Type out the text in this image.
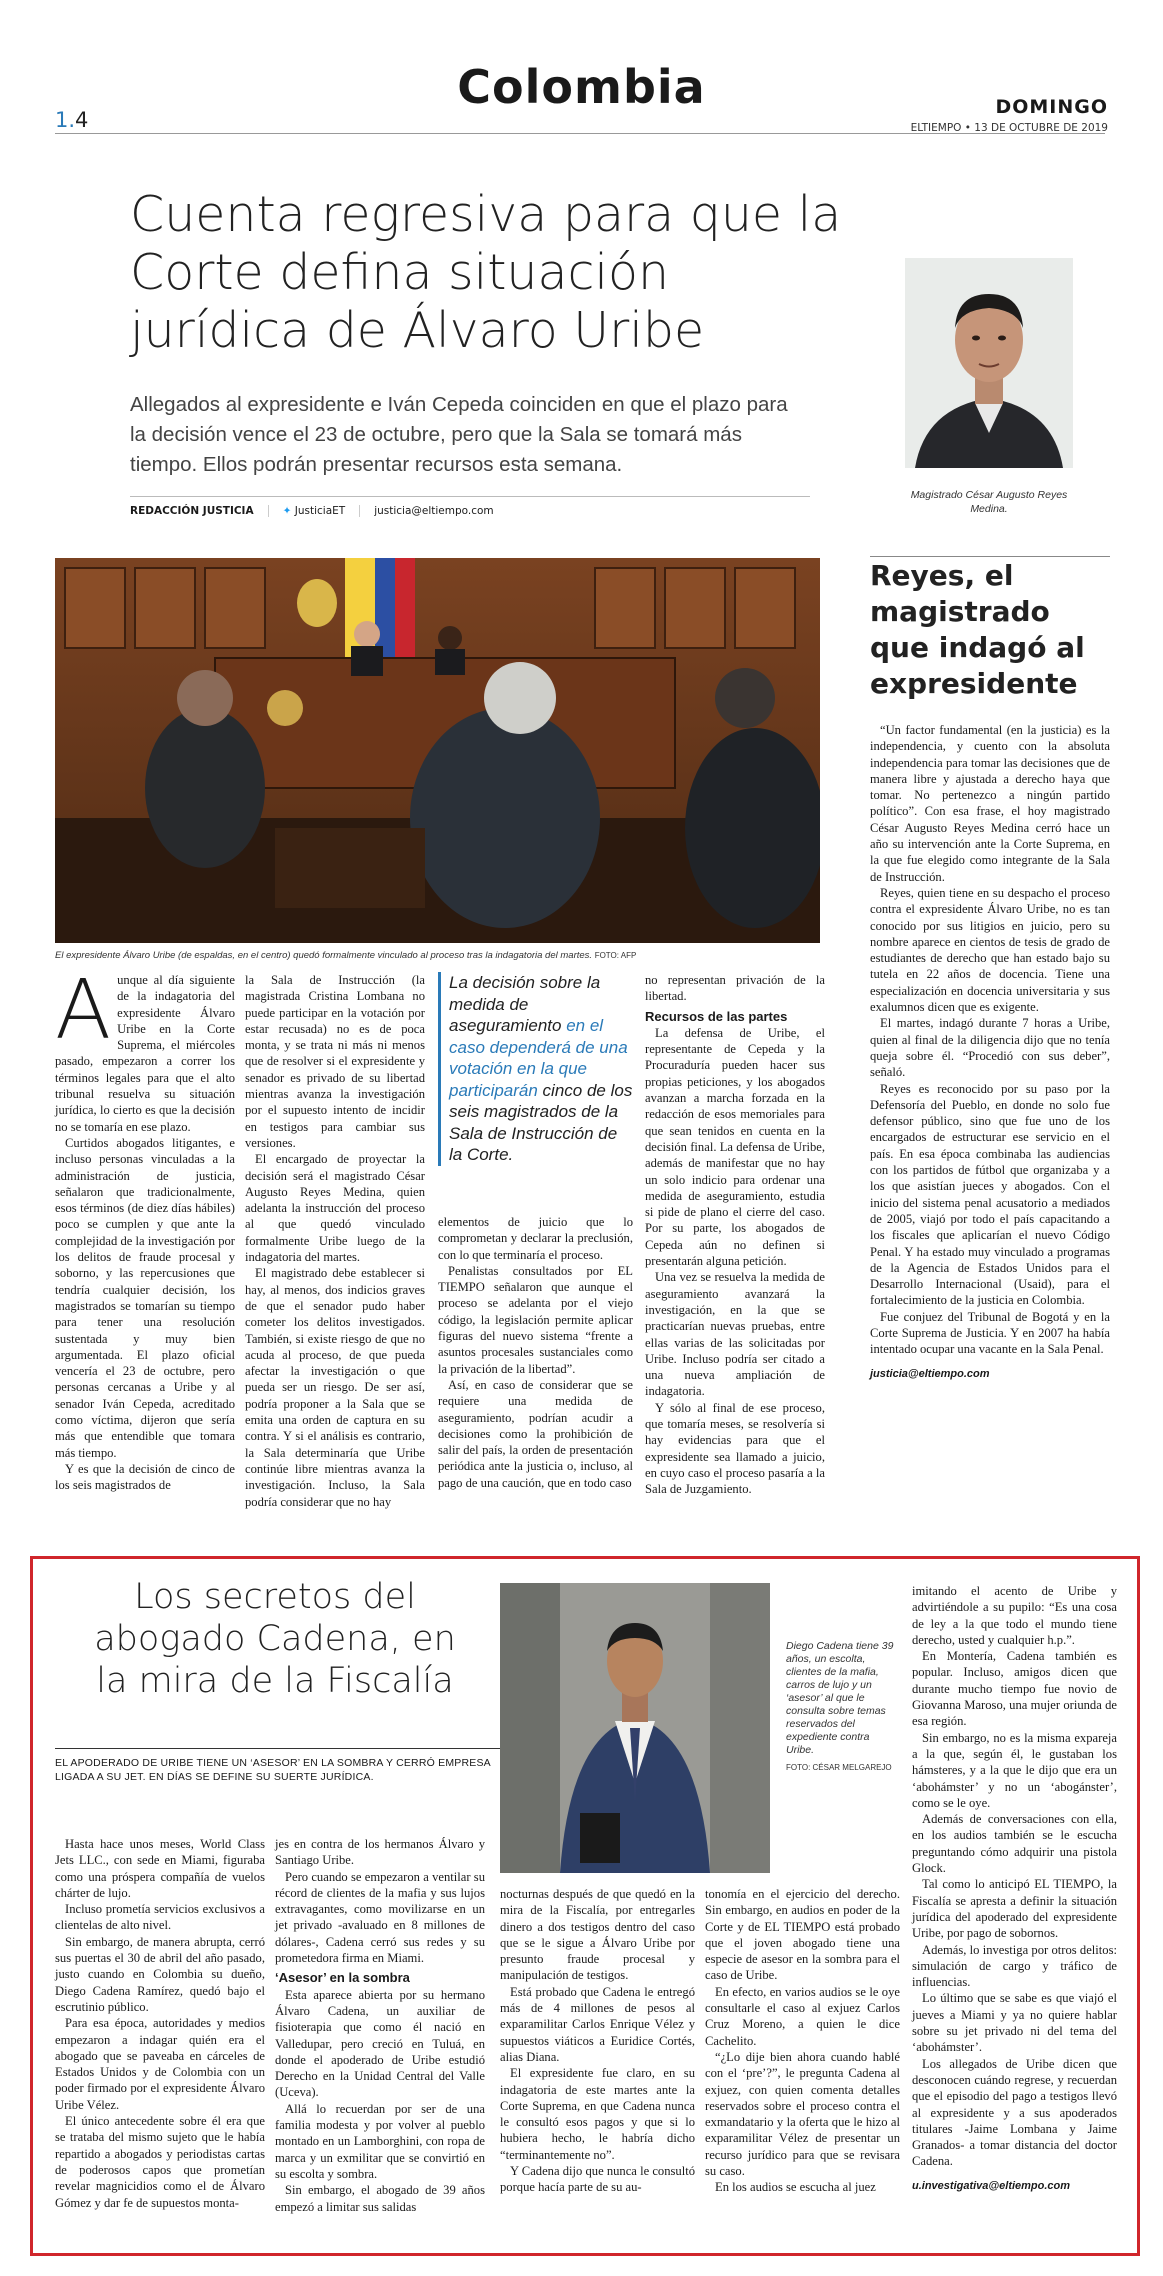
Colombia
1.4
DOMINGO
ELTIEMPO • 13 DE OCTUBRE DE 2019
Cuenta regresiva para que la Corte defina situación jurídica de Álvaro Uribe
Allegados al expresidente e Iván Cepeda coinciden en que el plazo para la decisión vence el 23 de octubre, pero que la Sala se tomará más tiempo. Ellos podrán presentar recursos esta semana.
REDACCIÓN JUSTICIA	✦ JusticiaET	justicia@eltiempo.com
Magistrado César Augusto Reyes Medina.
El expresidente Álvaro Uribe (de espaldas, en el centro) quedó formalmente vinculado al proceso tras la indagatoria del martes. FOTO: AFP
A unque al día siguiente de la indagatoria del expresidente Álvaro Uribe en la Corte Suprema, el miércoles pasado, empezaron a correr los términos legales para que el alto tribunal resuelva su situación jurídica, lo cierto es que la decisión no se tomaría en ese plazo.

Curtidos abogados litigantes, e incluso personas vinculadas a la administración de justicia, señalaron que tradicionalmente, esos términos (de diez días hábiles) poco se cumplen y que ante la complejidad de la investigación por los delitos de fraude procesal y soborno, y las repercusiones que tendría cualquier decisión, los magistrados se tomarían su tiempo para tener una resolución sustentada y muy bien argumentada. El plazo oficial vencería el 23 de octubre, pero personas cercanas a Uribe y al senador Iván Cepeda, acreditado como víctima, dijeron que sería más que entendible que tomara más tiempo.

Y es que la decisión de cinco de los seis magistrados de

la Sala de Instrucción (la magistrada Cristina Lombana no puede participar en la votación por estar recusada) no es de poca monta, y se trata ni más ni menos que de resolver si el expresidente y senador es privado de su libertad mientras avanza la investigación por el supuesto intento de incidir en testigos para cambiar sus versiones.

El encargado de proyectar la decisión será el magistrado César Augusto Reyes Medina, quien adelanta la instrucción del proceso al que quedó vinculado formalmente Uribe luego de la indagatoria del martes.

El magistrado debe establecer si hay, al menos, dos indicios graves de que el senador pudo haber cometer los delitos investigados. También, si existe riesgo de que no acuda al proceso, de que pueda afectar la investigación o que pueda ser un riesgo. De ser así, podría proponer a la Sala que se emita una orden de captura en su contra. Y si el análisis es contrario, la Sala determinaría que Uribe continúe libre mientras avanza la investigación. Incluso, la Sala podría considerar que no hay

La decisión sobre la medida de aseguramiento en el caso dependerá de una votación en la que participarán cinco de los seis magistrados de la Sala de Instrucción de la Corte.

elementos de juicio que lo comprometan y declarar la preclusión, con lo que terminaría el proceso.

Penalistas consultados por EL TIEMPO señalaron que aunque el proceso se adelanta por el viejo código, la legislación permite aplicar figuras del nuevo sistema “frente a asuntos procesales sustanciales como la privación de la libertad”.

Así, en caso de considerar que se requiere una medida de aseguramiento, podrían acudir a decisiones como la prohibición de salir del país, la orden de presentación periódica ante la justicia o, incluso, al pago de una caución, que en todo caso

no representan privación de la libertad.

Recursos de las partes

La defensa de Uribe, el representante de Cepeda y la Procuraduría pueden hacer sus propias peticiones, y los abogados avanzan a marcha forzada en la redacción de esos memoriales para que sean tenidos en cuenta en la decisión final. La defensa de Uribe, además de manifestar que no hay un solo indicio para ordenar una medida de aseguramiento, estudia si pide de plano el cierre del caso. Por su parte, los abogados de Cepeda aún no definen si presentarán alguna petición.

Una vez se resuelva la medida de aseguramiento avanzará la investigación, en la que se practicarían nuevas pruebas, entre ellas varias de las solicitadas por Uribe. Incluso podría ser citado a una nueva ampliación de indagatoria.

Y sólo al final de ese proceso, que tomaría meses, se resolvería si hay evidencias para que el expresidente sea llamado a juicio, en cuyo caso el proceso pasaría a la Sala de Juzgamiento.

Reyes, el magistrado que indagó al expresidente

“Un factor fundamental (en la justicia) es la independencia, y cuento con la absoluta independencia para tomar las decisiones que de manera libre y ajustada a derecho haya que tomar. No pertenezco a ningún partido político”. Con esa frase, el hoy magistrado César Augusto Reyes Medina cerró hace un año su intervención ante la Corte Suprema, en la que fue elegido como integrante de la Sala de Instrucción.

Reyes, quien tiene en su despacho el proceso contra el expresidente Álvaro Uribe, no es tan conocido por sus litigios en juicio, pero su nombre aparece en cientos de tesis de grado de estudiantes de derecho que han estado bajo su tutela en 22 años de docencia. Tiene una especialización en docencia universitaria y sus exalumnos dicen que es exigente.

El martes, indagó durante 7 horas a Uribe, quien al final de la diligencia dijo que no tenía queja sobre él. “Procedió con sus deber”, señaló.

Reyes es reconocido por su paso por la Defensoría del Pueblo, en donde no solo fue defensor público, sino que fue uno de los encargados de estructurar ese servicio en el país. En esa época combinaba las audiencias con los partidos de fútbol que organizaba y a los que asistían jueces y abogados. Con el inicio del sistema penal acusatorio a mediados de 2005, viajó por todo el país capacitando a los fiscales que aplicarían el nuevo Código Penal. Y ha estado muy vinculado a programas de la Agencia de Estados Unidos para el Desarrollo Internacional (Usaid), para el fortalecimiento de la justicia en Colombia.

Fue conjuez del Tribunal de Bogotá y en la Corte Suprema de Justicia. Y en 2007 ha había intentado ocupar una vacante en la Sala Penal.

justicia@eltiempo.com
Los secretos del abogado Cadena, en la mira de la Fiscalía
EL APODERADO DE URIBE TIENE UN ‘ASESOR’ EN LA SOMBRA Y CERRÓ EMPRESA LIGADA A SU JET. EN DÍAS SE DEFINE SU SUERTE JURÍDICA.
Diego Cadena tiene 39 años, un escolta, clientes de la mafia, carros de lujo y un ‘asesor’ al que le consulta sobre temas reservados del expediente contra Uribe.
FOTO: CÉSAR MELGAREJO

Hasta hace unos meses, World Class Jets LLC., con sede en Miami, figuraba como una próspera compañía de vuelos chárter de lujo.

Incluso prometía servicios exclusivos a clientelas de alto nivel.

Sin embargo, de manera abrupta, cerró sus puertas el 30 de abril del año pasado, justo cuando en Colombia su dueño, Diego Cadena Ramírez, quedó bajo el escrutinio público.

Para esa época, autoridades y medios empezaron a indagar quién era el abogado que se paveaba en cárceles de Estados Unidos y de Colombia con un poder firmado por el expresidente Álvaro Uribe Vélez.

El único antecedente sobre él era que se trataba del mismo sujeto que le había repartido a abogados y periodistas cartas de poderosos capos que prometían revelar magnicidios como el de Álvaro Gómez y dar fe de supuestos monta-

jes en contra de los hermanos Álvaro y Santiago Uribe.

Pero cuando se empezaron a ventilar su récord de clientes de la mafia y sus lujos extravagantes, como movilizarse en un jet privado -avaluado en 8 millones de dólares-, Cadena cerró sus redes y su prometedora firma en Miami.

‘Asesor’ en la sombra

Esta aparece abierta por su hermano Álvaro Cadena, un auxiliar de fisioterapia que como él nació en Valledupar, pero creció en Tuluá, en donde el apoderado de Uribe estudió Derecho en la Unidad Central del Valle (Uceva).

Allá lo recuerdan por ser de una familia modesta y por volver al pueblo montado en un Lamborghini, con ropa de marca y un exmilitar que se convirtió en su escolta y sombra.

Sin embargo, el abogado de 39 años empezó a limitar sus salidas

nocturnas después de que quedó en la mira de la Fiscalía, por entregarles dinero a dos testigos dentro del caso que se le sigue a Álvaro Uribe por presunto fraude procesal y manipulación de testigos.

Está probado que Cadena le entregó más de 4 millones de pesos al exparamilitar Carlos Enrique Vélez y supuestos viáticos a Euridice Cortés, alias Diana.

El expresidente fue claro, en su indagatoria de este martes ante la Corte Suprema, en que Cadena nunca le consultó esos pagos y que si lo hubiera hecho, le habría dicho “terminantemente no”.

Y Cadena dijo que nunca le consultó porque hacía parte de su au-

tonomía en el ejercicio del derecho. Sin embargo, en audios en poder de la Corte y de EL TIEMPO está probado que el joven abogado tiene una especie de asesor en la sombra para el caso de Uribe.

En efecto, en varios audios se le oye consultarle el caso al exjuez Carlos Cruz Moreno, a quien le dice Cachelito.

“¿Lo dije bien ahora cuando hablé con el ‘pre’?”, le pregunta Cadena al exjuez, con quien comenta detalles reservados sobre el proceso contra el exmandatario y la oferta que le hizo al exparamilitar Vélez de presentar un recurso jurídico para que se revisara su caso.

En los audios se escucha al juez

imitando el acento de Uribe y advirtiéndole a su pupilo: “Es una cosa de ley a la que todo el mundo tiene derecho, usted y cualquier h.p.”.

En Montería, Cadena también es popular. Incluso, amigos dicen que durante mucho tiempo fue novio de Giovanna Maroso, una mujer oriunda de esa región.

Sin embargo, no es la misma expareja a la que, según él, le gustaban los hámsteres, y a la que le dijo que era un ‘abohámster’ y no un ‘abogánster’, como se le oye.

Además de conversaciones con ella, en los audios también se le escucha preguntando cómo adquirir una pistola Glock.

Tal como lo anticipó EL TIEMPO, la Fiscalía se apresta a definir la situación jurídica del apoderado del expresidente Uribe, por pago de sobornos.

Además, lo investiga por otros delitos: simulación de cargo y tráfico de influencias.

Lo último que se sabe es que viajó el jueves a Miami y ya no quiere hablar sobre su jet privado ni del tema del ‘abohámster’.

Los allegados de Uribe dicen que desconocen cuándo regrese, y recuerdan que el episodio del pago a testigos llevó al expresidente y a sus apoderados titulares -Jaime Lombana y Jaime Granados- a tomar distancia del doctor Cadena.

u.investigativa@eltiempo.com
